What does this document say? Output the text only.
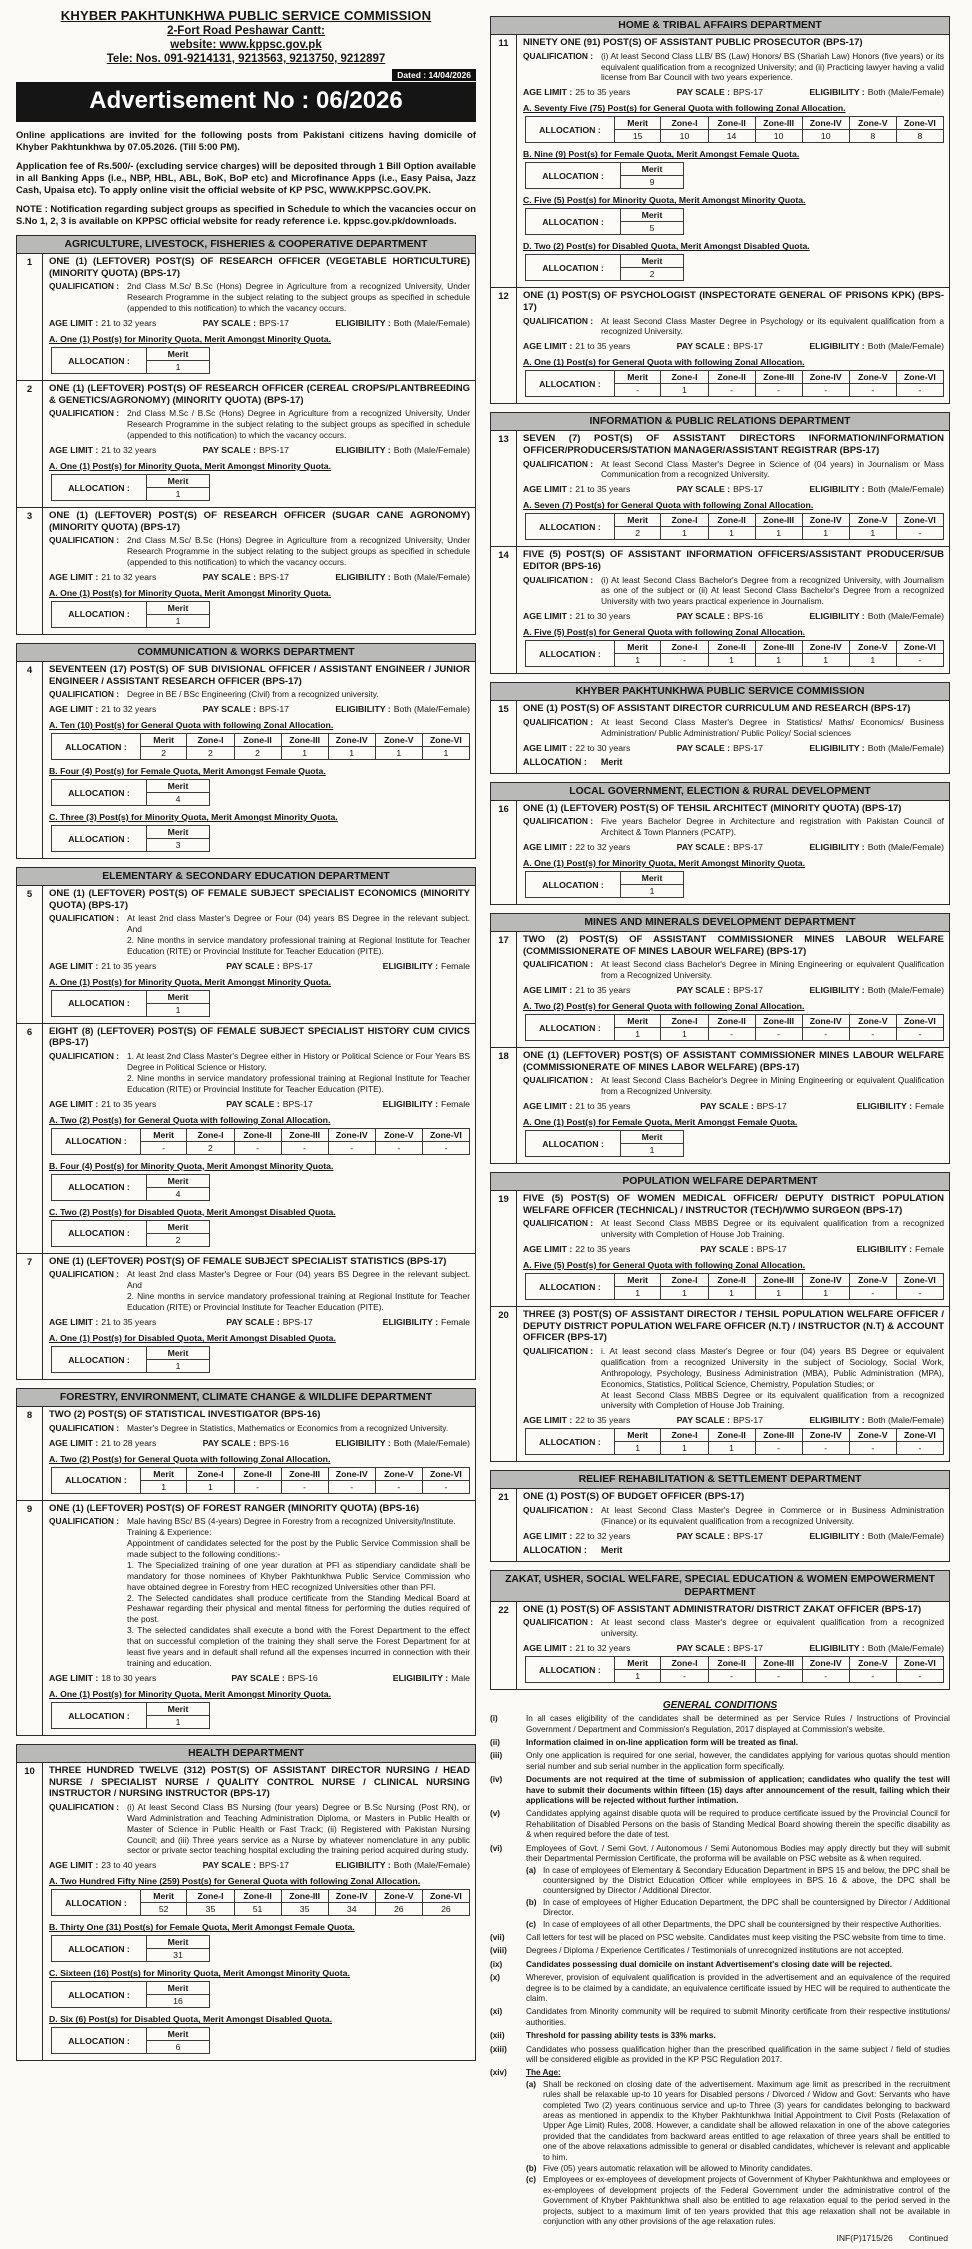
KHYBER PAKHTUNKHWA PUBLIC SERVICE COMMISSION
2-Fort Road Peshawar Cantt:
website: www.kppsc.gov.pk
Tele: Nos. 091-9214131, 9213563, 9213750, 9212897
Dated : 14/04/2026
Advertisement No : 06/2026

Online applications are invited for the following posts from Pakistani citizens having domicile of Khyber Pakhtunkhwa by 07.05.2026. (Till 5:00 PM).

Application fee of Rs.500/- (excluding service charges) will be deposited through 1 Bill Option available in all Banking Apps (i.e., NBP, HBL, ABL, BoK, BoP etc) and Microfinance Apps (i.e., Easy Paisa, Jazz Cash, Upaisa etc). To apply online visit the official website of KP PSC, WWW.KPPSC.GOV.PK.

NOTE : Notification regarding subject groups as specified in Schedule to which the vacancies occur on S.No 1, 2, 3 is available on KPPSC official website for ready reference i.e. kppsc.gov.pk/downloads.

AGRICULTURE, LIVESTOCK, FISHERIES & COOPERATIVE DEPARTMENT
1	ONE (1) (LEFTOVER) POST(S) OF RESEARCH OFFICER (VEGETABLE HORTICULTURE) (MINORITY QUOTA) (BPS-17)
QUALIFICATION : 2nd Class M.Sc/ B.Sc (Hons) Degree in Agriculture from a recognized University, Under Research Programme in the subject relating to the subject groups as specified in schedule (appended to this notification) to which the vacancy occurs.
AGE LIMIT : 21 to 32 years	PAY SCALE : BPS-17	ELIGIBILITY : Both (Male/Female)
A. One (1) Post(s) for Minority Quota, Merit Amongst Minority Quota.
ALLOCATION :	Merit
1
2	ONE (1) (LEFTOVER) POST(S) OF RESEARCH OFFICER (CEREAL CROPS/PLANTBREEDING & GENETICS/AGRONOMY) (MINORITY QUOTA) (BPS-17)
QUALIFICATION : 2nd Class M.Sc / B.Sc (Hons) Degree in Agriculture from a recognized University, Under Research Programme in the subject relating to the subject groups as specified in schedule (appended to this notification) to which the vacancy occurs.
AGE LIMIT : 21 to 32 years	PAY SCALE : BPS-17	ELIGIBILITY : Both (Male/Female)
A. One (1) Post(s) for Minority Quota, Merit Amongst Minority Quota.
ALLOCATION :	Merit
1
3	ONE (1) (LEFTOVER) POST(S) OF RESEARCH OFFICER (SUGAR CANE AGRONOMY) (MINORITY QUOTA) (BPS-17)
QUALIFICATION : 2nd Class M.Sc/ B.Sc (Hons) Degree in Agriculture from a recognized University, Under Research Programme in the subject relating to the subject groups as specified in schedule (appended to this notification) to which the vacancy occurs.
AGE LIMIT : 21 to 32 years	PAY SCALE : BPS-17	ELIGIBILITY : Both (Male/Female)
A. One (1) Post(s) for Minority Quota, Merit Amongst Minority Quota.
ALLOCATION :	Merit
1
COMMUNICATION & WORKS DEPARTMENT
4	SEVENTEEN (17) POST(S) OF SUB DIVISIONAL OFFICER / ASSISTANT ENGINEER / JUNIOR ENGINEER / ASSISTANT RESEARCH OFFICER (BPS-17)
QUALIFICATION : Degree in BE / BSc Engineering (Civil) from a recognized university.
AGE LIMIT : 21 to 32 years	PAY SCALE : BPS-17	ELIGIBILITY : Both (Male/Female)
A. Ten (10) Post(s) for General Quota with following Zonal Allocation.
ALLOCATION :	Merit	Zone-I	Zone-II	Zone-III	Zone-IV	Zone-V	Zone-VI
	2	2	2	1	1	1	1
B. Four (4) Post(s) for Female Quota, Merit Amongst Female Quota.
ALLOCATION :	Merit
4
C. Three (3) Post(s) for Minority Quota, Merit Amongst Minority Quota.
ALLOCATION :	Merit
3
ELEMENTARY & SECONDARY EDUCATION DEPARTMENT
5	ONE (1) (LEFTOVER) POST(S) OF FEMALE SUBJECT SPECIALIST ECONOMICS (MINORITY QUOTA) (BPS-17)
QUALIFICATION : At least 2nd class Master's Degree or Four (04) years BS Degree in the relevant subject. And
2. Nine months in service mandatory professional training at Regional Institute for Teacher Education (RITE) or Provincial Institute for Teacher Education (PITE).
AGE LIMIT : 21 to 35 years	PAY SCALE : BPS-17	ELIGIBILITY : Female
A. One (1) Post(s) for Minority Quota, Merit Amongst Minority Quota.
ALLOCATION :	Merit
1
6	EIGHT (8) (LEFTOVER) POST(S) OF FEMALE SUBJECT SPECIALIST HISTORY CUM CIVICS (BPS-17)
QUALIFICATION : 1. At least 2nd Class Master's Degree either in History or Political Science or Four Years BS Degree in Political Science or History.
2. Nine months in service mandatory professional training at Regional Institute for Teacher Education (RITE) or Provincial Institute for Teacher Education (PITE).
AGE LIMIT : 21 to 35 years	PAY SCALE : BPS-17	ELIGIBILITY : Female
A. Two (2) Post(s) for General Quota with following Zonal Allocation.
ALLOCATION :	Merit	Zone-I	Zone-II	Zone-III	Zone-IV	Zone-V	Zone-VI
	-	2	-	-	-	-	-
B. Four (4) Post(s) for Minority Quota, Merit Amongst Minority Quota.
ALLOCATION :	Merit
4
C. Two (2) Post(s) for Disabled Quota, Merit Amongst Disabled Quota.
ALLOCATION :	Merit
2
7	ONE (1) (LEFTOVER) POST(S) OF FEMALE SUBJECT SPECIALIST STATISTICS (BPS-17)
QUALIFICATION : At least 2nd class Master's Degree or Four (04) years BS Degree in the relevant subject. And
2. Nine months in service mandatory professional training at Regional Institute for Teacher Education (RITE) or Provincial Institute for Teacher Education (PITE).
AGE LIMIT : 21 to 35 years	PAY SCALE : BPS-17	ELIGIBILITY : Female
A. One (1) Post(s) for Disabled Quota, Merit Amongst Disabled Quota.
ALLOCATION :	Merit
1
FORESTRY, ENVIRONMENT, CLIMATE CHANGE & WILDLIFE DEPARTMENT
8	TWO (2) POST(S) OF STATISTICAL INVESTIGATOR (BPS-16)
QUALIFICATION : Master's Degree in Statistics, Mathematics or Economics from a recognized University.
AGE LIMIT : 21 to 28 years	PAY SCALE : BPS-16	ELIGIBILITY : Both (Male/Female)
A. Two (2) Post(s) for General Quota with following Zonal Allocation.
ALLOCATION :	Merit	Zone-I	Zone-II	Zone-III	Zone-IV	Zone-V	Zone-VI
	1	1	-	-	-	-	-
9	ONE (1) (LEFTOVER) POST(S) OF FOREST RANGER (MINORITY QUOTA) (BPS-16)
QUALIFICATION : Male having BSc/ BS (4-years) Degree in Forestry from a recognized University/Institute.
Training & Experience:
Appointment of candidates selected for the post by the Public Service Commission shall be made subject to the following conditions:-
1. The Specialized training of one year duration at PFI as stipendiary candidate shall be mandatory for those nominees of Khyber Pakhtunkhwa Public Service Commission who have obtained degree in Forestry from HEC recognized Universities other than PFI.
2. The Selected candidates shall produce certificate from the Standing Medical Board at Peshawar regarding their physical and mental fitness for performing the duties required of the post.
3. The selected candidates shall execute a bond with the Forest Department to the effect that on successful completion of the training they shall serve the Forest Department for at least five years and in default shall refund all the expenses incurred in connection with their training and education.
AGE LIMIT : 18 to 30 years	PAY SCALE : BPS-16	ELIGIBILITY : Male
A. One (1) Post(s) for Minority Quota, Merit Amongst Minority Quota.
ALLOCATION :	Merit
1
HEALTH DEPARTMENT
10	THREE HUNDRED TWELVE (312) POST(S) OF ASSISTANT DIRECTOR NURSING / HEAD NURSE / SPECIALIST NURSE / QUALITY CONTROL NURSE / CLINICAL NURSING INSTRUCTOR / NURSING INSTRUCTOR (BPS-17)
QUALIFICATION : (i) At least Second Class BS Nursing (four years) Degree or B.Sc Nursing (Post RN), or Ward Administration and Teaching Administration Diploma, or Masters in Public Health or Master of Science in Public Health or Fast Track; (ii) Registered with Pakistan Nursing Council; and (iii) Three years service as a Nurse by whatever nomenclature in any public sector or private sector teaching hospital excluding the training period acquired during study.
AGE LIMIT : 23 to 40 years	PAY SCALE : BPS-17	ELIGIBILITY : Both (Male/Female)
A. Two Hundred Fifty Nine (259) Post(s) for General Quota with following Zonal Allocation.
ALLOCATION :	Merit	Zone-I	Zone-II	Zone-III	Zone-IV	Zone-V	Zone-VI
	52	35	51	35	34	26	26
B. Thirty One (31) Post(s) for Female Quota, Merit Amongst Female Quota.
ALLOCATION :	Merit
31
C. Sixteen (16) Post(s) for Minority Quota, Merit Amongst Minority Quota.
ALLOCATION :	Merit
16
D. Six (6) Post(s) for Disabled Quota, Merit Amongst Disabled Quota.
ALLOCATION :	Merit
6
HOME & TRIBAL AFFAIRS DEPARTMENT
11	NINETY ONE (91) POST(S) OF ASSISTANT PUBLIC PROSECUTOR (BPS-17)
QUALIFICATION : (i) At least Second Class LLB/ BS (Law) Honors/ BS (Shariah Law) Honors (five years) or its equivalent qualification from a recognized University; and (ii) Practicing lawyer having a valid license from Bar Council with two years experience.
AGE LIMIT : 25 to 35 years	PAY SCALE : BPS-17	ELIGIBILITY : Both (Male/Female)
A. Seventy Five (75) Post(s) for General Quota with following Zonal Allocation.
ALLOCATION :	Merit	Zone-I	Zone-II	Zone-III	Zone-IV	Zone-V	Zone-VI
	15	10	14	10	10	8	8
B. Nine (9) Post(s) for Female Quota, Merit Amongst Female Quota.
ALLOCATION :	Merit
9
C. Five (5) Post(s) for Minority Quota, Merit Amongst Minority Quota.
ALLOCATION :	Merit
5
D. Two (2) Post(s) for Disabled Quota, Merit Amongst Disabled Quota.
ALLOCATION :	Merit
2
12	ONE (1) POST(S) OF PSYCHOLOGIST (INSPECTORATE GENERAL OF PRISONS KPK) (BPS-17)
QUALIFICATION : At least Second Class Master Degree in Psychology or its equivalent qualification from a recognized University.
AGE LIMIT : 21 to 35 years	PAY SCALE : BPS-17	ELIGIBILITY : Both (Male/Female)
A. One (1) Post(s) for General Quota with following Zonal Allocation.
ALLOCATION :	Merit	Zone-I	Zone-II	Zone-III	Zone-IV	Zone-V	Zone-VI
	-	1	-	-	-	-	-
INFORMATION & PUBLIC RELATIONS DEPARTMENT
13	SEVEN (7) POST(S) OF ASSISTANT DIRECTORS INFORMATION/INFORMATION OFFICER/PRODUCERS/STATION MANAGER/ASSISTANT REGISTRAR (BPS-17)
QUALIFICATION : At least Second Class Master's Degree in Science of (04 years) in Journalism or Mass Communication from a recognized University.
AGE LIMIT : 21 to 35 years	PAY SCALE : BPS-17	ELIGIBILITY : Both (Male/Female)
A. Seven (7) Post(s) for General Quota with following Zonal Allocation.
ALLOCATION :	Merit	Zone-I	Zone-II	Zone-III	Zone-IV	Zone-V	Zone-VI
	2	1	1	1	1	1	-
14	FIVE (5) POST(S) OF ASSISTANT INFORMATION OFFICERS/ASSISTANT PRODUCER/SUB EDITOR (BPS-16)
QUALIFICATION : (i) At least Second Class Bachelor's Degree from a recognized University, with Journalism as one of the subject or (ii) At least Second Class Bachelor's Degree from a recognized University with two years practical experience in Journalism.
AGE LIMIT : 21 to 30 years	PAY SCALE : BPS-16	ELIGIBILITY : Both (Male/Female)
A. Five (5) Post(s) for General Quota with following Zonal Allocation.
ALLOCATION :	Merit	Zone-I	Zone-II	Zone-III	Zone-IV	Zone-V	Zone-VI
	1	-	1	1	1	1	-
KHYBER PAKHTUNKHWA PUBLIC SERVICE COMMISSION
15	ONE (1) POST(S) OF ASSISTANT DIRECTOR CURRICULUM AND RESEARCH (BPS-17)
QUALIFICATION : At least Second Class Master's Degree in Statistics/ Maths/ Economics/ Business Administration/ Public Administration/ Public Policy/ Social sciences
AGE LIMIT : 22 to 30 years	PAY SCALE : BPS-17	ELIGIBILITY : Both (Male/Female)
ALLOCATION : Merit
LOCAL GOVERNMENT, ELECTION & RURAL DEVELOPMENT
16	ONE (1) (LEFTOVER) POST(S) OF TEHSIL ARCHITECT (MINORITY QUOTA) (BPS-17)
QUALIFICATION : Five years Bachelor Degree in Architecture and registration with Pakistan Council of Architect & Town Planners (PCATP).
AGE LIMIT : 22 to 32 years	PAY SCALE : BPS-17	ELIGIBILITY : Both (Male/Female)
A. One (1) Post(s) for Minority Quota, Merit Amongst Minority Quota.
ALLOCATION :	Merit
1
MINES AND MINERALS DEVELOPMENT DEPARTMENT
17	TWO (2) POST(S) OF ASSISTANT COMMISSIONER MINES LABOUR WELFARE (COMMISSIONERATE OF MINES LABOUR WELFARE) (BPS-17)
QUALIFICATION : At least Second class Bachelor's Degree in Mining Engineering or equivalent Qualification from a Recognized University.
AGE LIMIT : 21 to 35 years	PAY SCALE : BPS-17	ELIGIBILITY : Both (Male/Female)
A. Two (2) Post(s) for General Quota with following Zonal Allocation.
ALLOCATION :	Merit	Zone-I	Zone-II	Zone-III	Zone-IV	Zone-V	Zone-VI
	1	1	-	-	-	-	-
18	ONE (1) (LEFTOVER) POST(S) OF ASSISTANT COMMISSIONER MINES LABOUR WELFARE (COMMISSIONERATE OF MINES LABOR WELFARE) (BPS-17)
QUALIFICATION : At least Second Class Bachelor's Degree in Mining Engineering or equivalent Qualification from a Recognized University.
AGE LIMIT : 21 to 35 years	PAY SCALE : BPS-17	ELIGIBILITY : Female
A. One (1) Post(s) for Female Quota, Merit Amongst Female Quota.
ALLOCATION :	Merit
1
POPULATION WELFARE DEPARTMENT
19	FIVE (5) POST(S) OF WOMEN MEDICAL OFFICER/ DEPUTY DISTRICT POPULATION WELFARE OFFICER (TECHNICAL) / INSTRUCTOR (TECH)/WMO SURGEON (BPS-17)
QUALIFICATION : At least Second Class MBBS Degree or its equivalent qualification from a recognized university with Completion of House Job Training.
AGE LIMIT : 22 to 35 years	PAY SCALE : BPS-17	ELIGIBILITY : Female
A. Five (5) Post(s) for General Quota with following Zonal Allocation.
ALLOCATION :	Merit	Zone-I	Zone-II	Zone-III	Zone-IV	Zone-V	Zone-VI
	1	1	1	1	1	-	-
20	THREE (3) POST(S) OF ASSISTANT DIRECTOR / TEHSIL POPULATION WELFARE OFFICER / DEPUTY DISTRICT POPULATION WELFARE OFFICER (N.T) / INSTRUCTOR (N.T) & ACCOUNT OFFICER (BPS-17)
QUALIFICATION : i. At least second class Master's Degree or four (04) years BS Degree or equivalent qualification from a recognized University in the subject of Sociology, Social Work, Anthropology, Psychology, Business Administration (MBA), Public Administration (MPA), Economics, Statistics, Political Science, Chemistry, Population Studies; or
At least Second Class MBBS Degree or its equivalent qualification from a recognized university with Completion of House Job Training.
AGE LIMIT : 22 to 35 years	PAY SCALE : BPS-17	ELIGIBILITY : Both (Male/Female)
ALLOCATION :	Merit	Zone-I	Zone-II	Zone-III	Zone-IV	Zone-V	Zone-VI
	1	1	1	-	-	-	-
RELIEF REHABILITATION & SETTLEMENT DEPARTMENT
21	ONE (1) POST(S) OF BUDGET OFFICER (BPS-17)
QUALIFICATION : At least Second Class Master's Degree in Commerce or in Business Administration (Finance) or its equivalent qualification from a recognized University.
AGE LIMIT : 22 to 32 years	PAY SCALE : BPS-17	ELIGIBILITY : Both (Male/Female)
ALLOCATION : Merit
ZAKAT, USHER, SOCIAL WELFARE, SPECIAL EDUCATION & WOMEN EMPOWERMENT DEPARTMENT
22	ONE (1) POST(S) OF ASSISTANT ADMINISTRATOR/ DISTRICT ZAKAT OFFICER (BPS-17)
QUALIFICATION : At least second class Master's degree or equivalent qualification from a recognized university.
AGE LIMIT : 21 to 32 years	PAY SCALE : BPS-17	ELIGIBILITY : Both (Male/Female)
ALLOCATION :	Merit	Zone-I	Zone-II	Zone-III	Zone-IV	Zone-V	Zone-VI
	1	-	-	-	-	-	-
GENERAL CONDITIONS
(i)	In all cases eligibility of the candidates shall be determined as per Service Rules / Instructions of Provincial Government / Department and Commission's Regulation, 2017 displayed at Commission's website.
(ii)	Information claimed in on-line application form will be treated as final.
(iii)	Only one application is required for one serial, however, the candidates applying for various quotas should mention serial number and sub serial number in the application form specifically.
(iv)	Documents are not required at the time of submission of application; candidates who qualify the test will have to submit their documents within fifteen (15) days after announcement of the result, failing which their applications will be rejected without further intimation.
(v)	Candidates applying against disable quota will be required to produce certificate issued by the Provincial Council for Rehabilitation of Disabled Persons on the basis of Standing Medical Board showing therein the specific disability as & when required before the date of test.
(vi)	Employees of Govt. / Semi Govt. / Autonomous / Semi Autonomous Bodies may apply directly but they will submit their Departmental Permission Certificate, the proforma will be available on PSC website as & when required.
(a) In case of employees of Elementary & Secondary Education Department in BPS 15 and below, the DPC shall be countersigned by the District Education Officer while employees in BPS 16 & above, the DPC shall be countersigned by Director / Additional Director.
(b) In case of employees of Higher Education Department, the DPC shall be countersigned by Director / Additional Director.
(c) In case of employees of all other Departments, the DPC shall be countersigned by their respective Authorities.
(vii)	Call letters for test will be placed on PSC website. Candidates must keep visiting the PSC website from time to time.
(viii)	Degrees / Diploma / Experience Certificates / Testimonials of unrecognized institutions are not accepted.
(ix)	Candidates possessing dual domicile on instant Advertisement's closing date will be rejected.
(x)	Wherever, provision of equivalent qualification is provided in the advertisement and an equivalence of the required degree is to be claimed by a candidate, an equivalence certificate issued by HEC will be required to authenticate the claim.
(xi)	Candidates from Minority community will be required to submit Minority certificate from their respective institutions/ authorities.
(xii)	Threshold for passing ability tests is 33% marks.
(xiii)	Candidates who possess qualification higher than the prescribed qualification in the same subject / field of studies will be considered eligible as provided in the KP PSC Regulation 2017.
(xiv)	The Age:
(a) Shall be reckoned on closing date of the advertisement. Maximum age limit as prescribed in the recruitment rules shall be relaxable up-to 10 years for Disabled persons / Divorced / Widow and Govt: Servants who have completed Two (2) years continuous service and up-to Three (3) years for candidates belonging to backward areas as mentioned in appendix to the Khyber Pakhtunkhwa Initial Appointment to Civil Posts (Relaxation of Upper Age Limit) Rules, 2008. However, a candidate shall be allowed relaxation in one of the above categories provided that the candidates from backward areas entitled to age relaxation of three years shall be entitled to one of the above relaxations admissible to general or disabled candidates, whichever is relevant and applicable to him.
(b) Five (05) years automatic relaxation will be allowed to Minority candidates.
(c) Employees or ex-employees of development projects of Government of Khyber Pakhtunkhwa and employees or ex-employees of development projects of the Federal Government under the administrative control of the Government of Khyber Pakhtunkhwa shall also be entitled to age relaxation equal to the period served in the projects, subject to a maximum limit of ten years provided that this age relaxation shall not be available in conjunction with any other provisions of the age relaxation rules.
INF(P)1715/26 Continued
